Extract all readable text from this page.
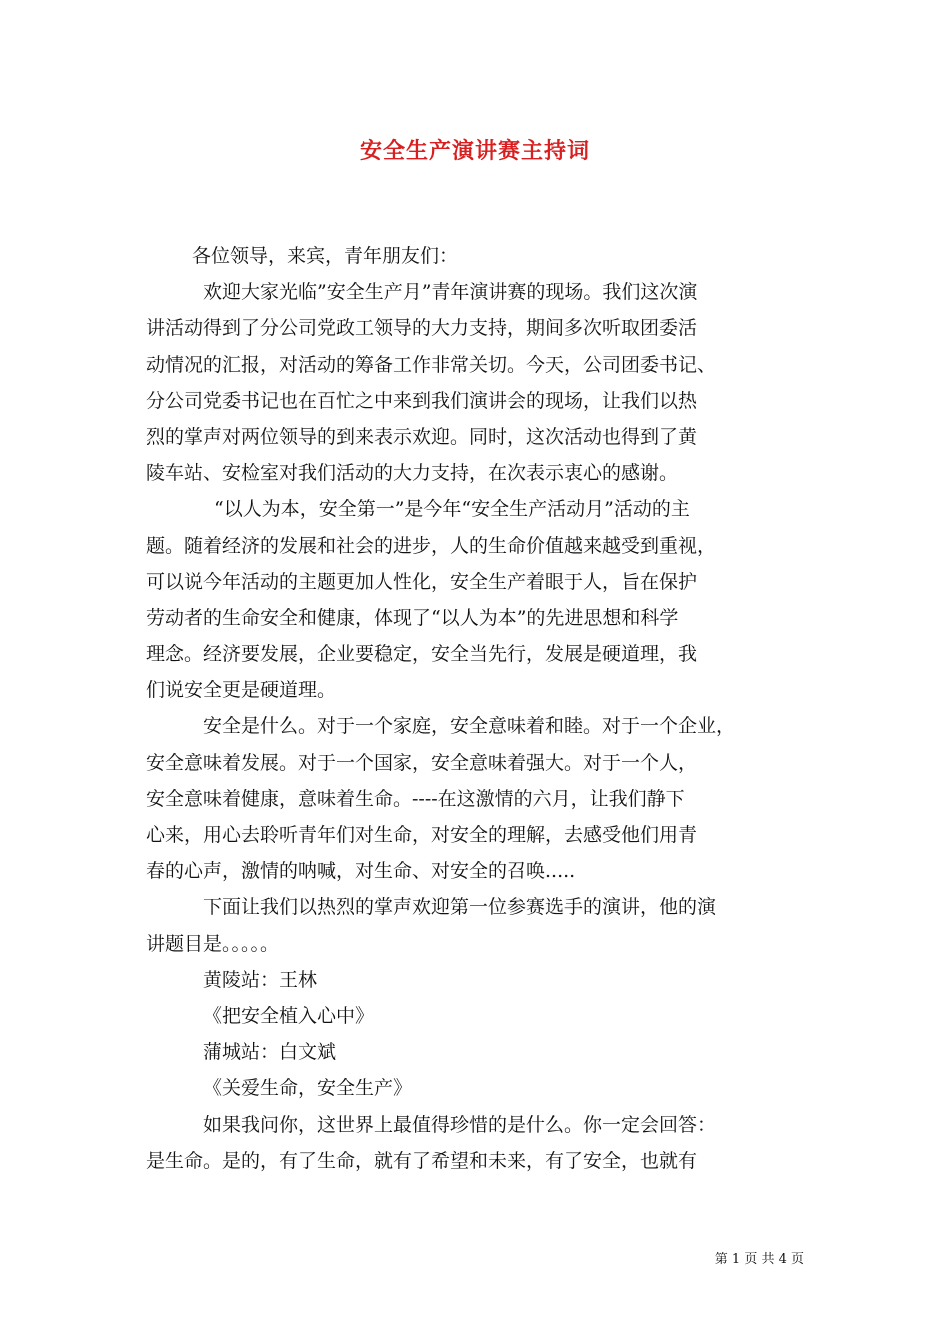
安全生产演讲赛主持词
各位领导，来宾，青年朋友们：
欢迎大家光临”安全生产月”青年演讲赛的现场。我们这次演
讲活动得到了分公司党政工领导的大力支持，期间多次听取团委活
动情况的汇报，对活动的筹备工作非常关切。今天，公司团委书记、
分公司党委书记也在百忙之中来到我们演讲会的现场，让我们以热
烈的掌声对两位领导的到来表示欢迎。同时，这次活动也得到了黄
陵车站、安检室对我们活动的大力支持，在次表示衷心的感谢。
“以人为本，安全第一”是今年“安全生产活动月”活动的主
题。随着经济的发展和社会的进步，人的生命价值越来越受到重视，
可以说今年活动的主题更加人性化，安全生产着眼于人，旨在保护
劳动者的生命安全和健康，体现了“以人为本”的先进思想和科学
理念。经济要发展，企业要稳定，安全当先行，发展是硬道理，我
们说安全更是硬道理。
安全是什么。对于一个家庭，安全意味着和睦。对于一个企业，
安全意味着发展。对于一个国家，安全意味着强大。对于一个人，
安全意味着健康，意味着生命。----在这激情的六月，让我们静下
心来，用心去聆听青年们对生命，对安全的理解，去感受他们用青
春的心声，激情的呐喊，对生命、对安全的召唤.....
下面让我们以热烈的掌声欢迎第一位参赛选手的演讲，他的演
讲题目是。。。。。
黄陵站：王林
《把安全植入心中》
蒲城站：白文斌
《关爱生命，安全生产》
如果我问你，这世界上最值得珍惜的是什么。你一定会回答：
是生命。是的，有了生命，就有了希望和未来，有了安全，也就有
第 1 页 共 4 页
